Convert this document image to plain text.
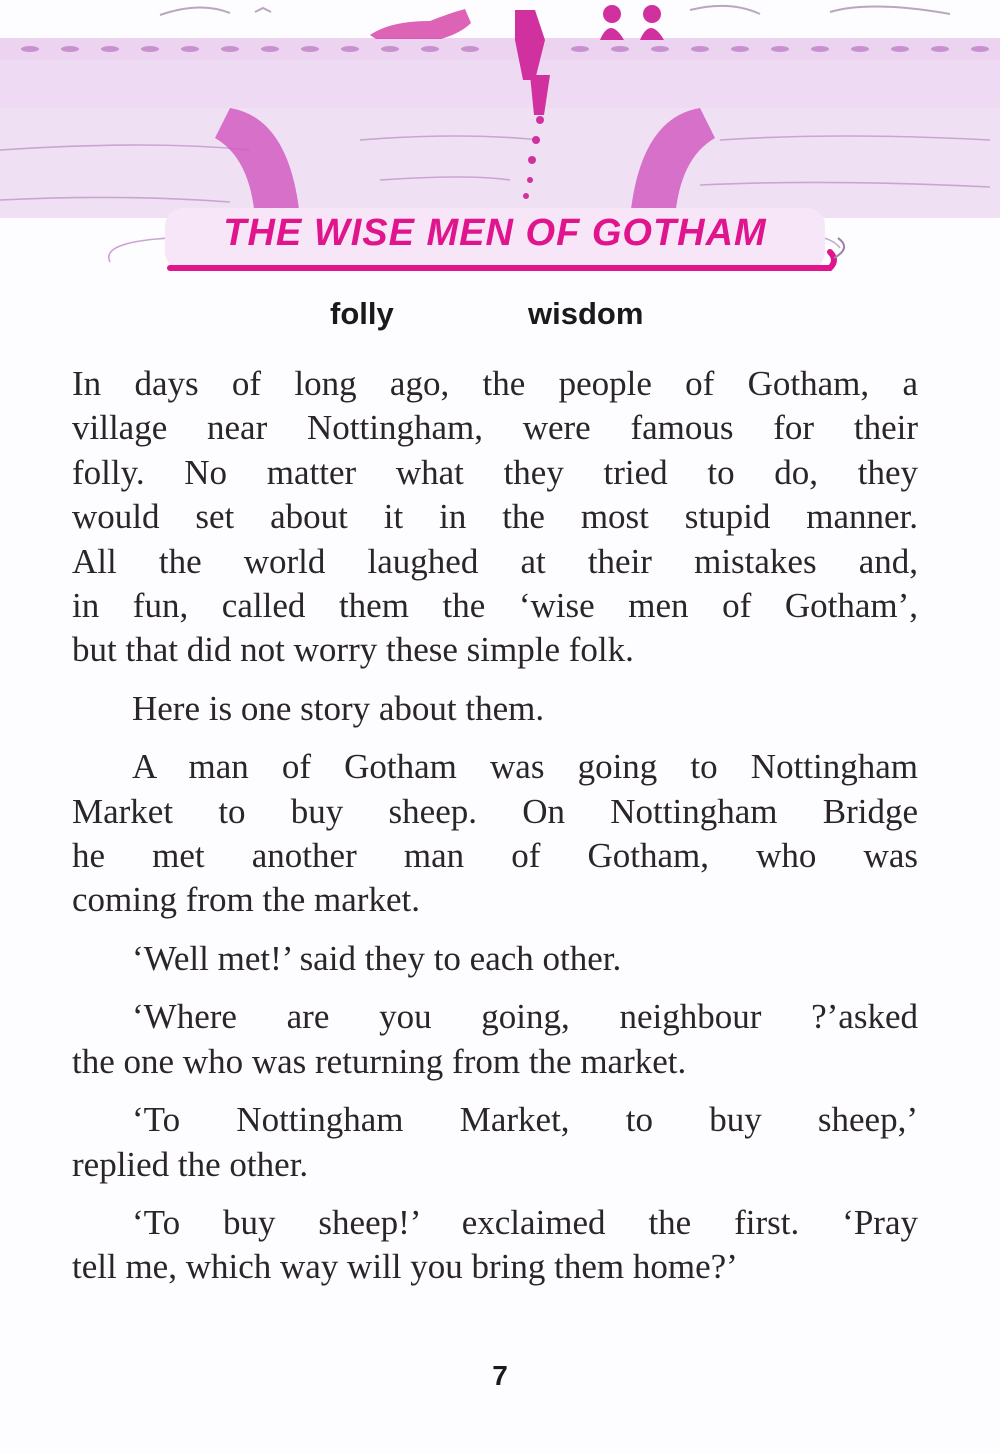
THE WISE MEN OF GOTHAM
folly	wisdom

In days of long ago, the people of Gotham, a
village near Nottingham, were famous for their
folly. No matter what they tried to do, they
would set about it in the most stupid manner.
All the world laughed at their mistakes and,
in fun, called them the ‘wise men of Gotham’,
but that did not worry these simple folk.

Here is one story about them.

A man of Gotham was going to Nottingham
Market to buy sheep. On Nottingham Bridge
he met another man of Gotham, who was
coming from the market.

‘Well met!’ said they to each other.

‘Where are you going, neighbour ?’asked
the one who was returning from the market.

‘To Nottingham Market, to buy sheep,’
replied the other.

‘To buy sheep!’ exclaimed the first. ‘Pray
tell me, which way will you bring them home?’

7
